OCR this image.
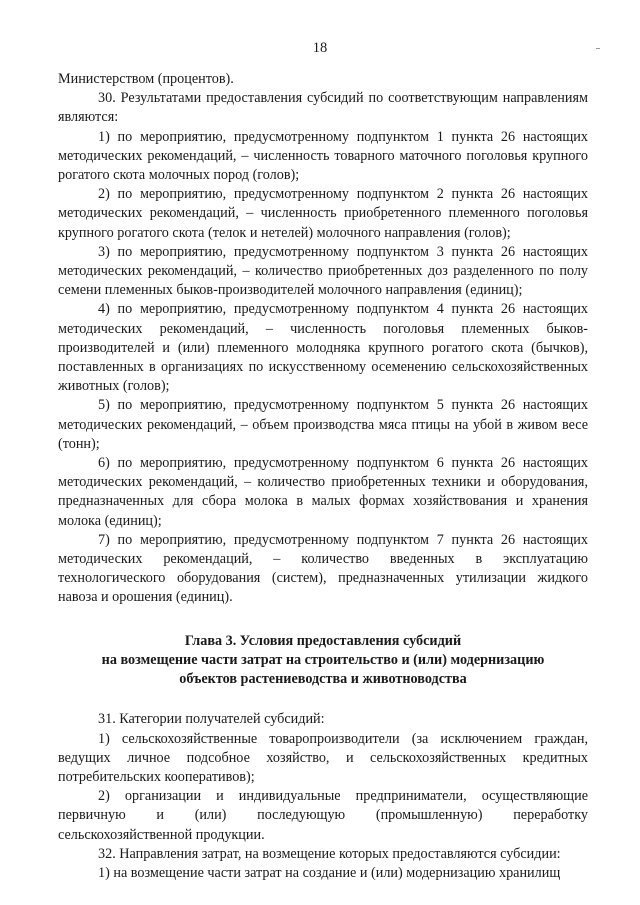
18

Министерством (процентов).

30. Результатами предоставления субсидий по соответствующим направлениям являются:

1) по мероприятию, предусмотренному подпунктом 1 пункта 26 настоящих методических рекомендаций, – численность товарного маточного поголовья крупного рогатого скота молочных пород (голов);

2) по мероприятию, предусмотренному подпунктом 2 пункта 26 настоящих методических рекомендаций, – численность приобретенного племенного поголовья крупного рогатого скота (телок и нетелей) молочного направления (голов);

3) по мероприятию, предусмотренному подпунктом 3 пункта 26 настоящих методических рекомендаций, – количество приобретенных доз разделенного по полу семени племенных быков-производителей молочного направления (единиц);

4) по мероприятию, предусмотренному подпунктом 4 пункта 26 настоящих методических рекомендаций, – численность поголовья племенных быков-производителей и (или) племенного молодняка крупного рогатого скота (бычков), поставленных в организациях по искусственному осеменению сельскохозяйственных животных (голов);

5) по мероприятию, предусмотренному подпунктом 5 пункта 26 настоящих методических рекомендаций, – объем производства мяса птицы на убой в живом весе (тонн);

6) по мероприятию, предусмотренному подпунктом 6 пункта 26 настоящих методических рекомендаций, – количество приобретенных техники и оборудования, предназначенных для сбора молока в малых формах хозяйствования и хранения молока (единиц);

7) по мероприятию, предусмотренному подпунктом 7 пункта 26 настоящих методических рекомендаций, – количество введенных в эксплуатацию технологического оборудования (систем), предназначенных утилизации жидкого навоза и орошения (единиц).

Глава 3. Условия предоставления субсидий
на возмещение части затрат на строительство и (или) модернизацию
объектов растениеводства и животноводства

31. Категории получателей субсидий:

1) сельскохозяйственные товаропроизводители (за исключением граждан, ведущих личное подсобное хозяйство, и сельскохозяйственных кредитных потребительских кооперативов);

2) организации и индивидуальные предприниматели, осуществляющие первичную и (или) последующую (промышленную) переработку сельскохозяйственной продукции.

32. Направления затрат, на возмещение которых предоставляются субсидии:

1) на возмещение части затрат на создание и (или) модернизацию хранилищ
